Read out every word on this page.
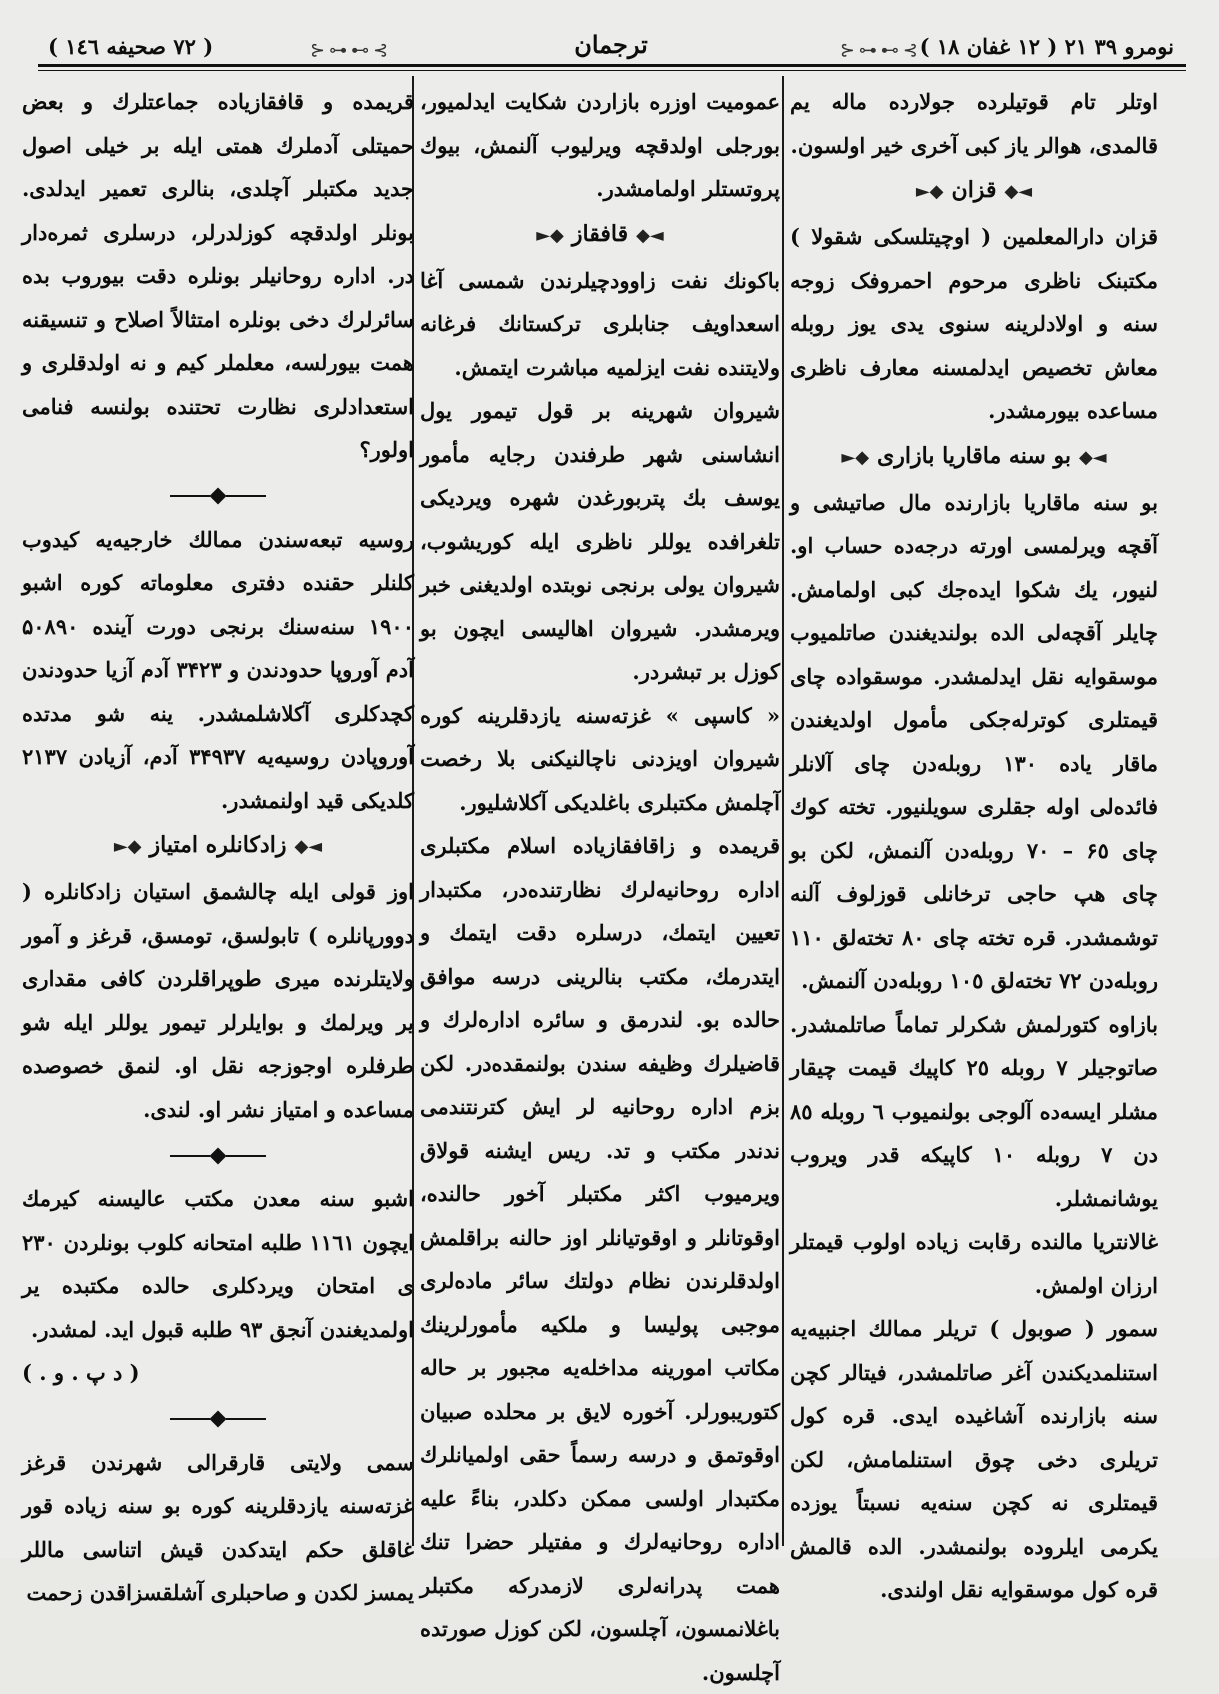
نومرو ۳۹ ٢١ ( ١٢ غفان ١٨ )
⊱⊶⊷⊰
ترجمان
⊱⊶⊷⊰
( ٧٢ صحیفه ١٤٦ )

اوتلر تام قوتیلرده جولارده ماله یم قالمدی، هوالر یاز کبی آخری خیر اولسون.

◄◆قزان◆►

قزان دارالمعلمین ( اوچیتلسکی شقولا ) مکتبنک ناظری مرحوم احمروفک زوجه سنه و اولادلرینه سنوی یدی یوز روبله معاش تخصیص ایدلمسنه معارف ناظری مساعده بیورمشدر.

◄◆بو سنه ماقاریا بازاری◆►

بو سنه ماقاریا بازارنده مال صاتیشی و آقچه ویرلمسی اورته درجه‌ده حساب او. لنیور، یك شکوا ایده‌جك کبی اولمامش. چایلر آقچه‌لی الده بولندیغندن صاتلمیوب موسقوایه نقل ایدلمشدر. موسقواده چای قیمتلری کوترله‌جکی مأمول اولدیغندن ماقار یاده ۱۳۰ روبله‌دن چای آلانلر فائده‌لی اوله جقلری سویلنیور. تخته کوك چای ۶٥ – ۷۰ روبله‌دن آلنمش، لکن بو چای هپ حاجی ترخانلی قوزلوف آلنه توشمشدر. قره تخته چای ۸۰ تخته‌لق ۱۱۰ روبله‌دن ۷۲ تخته‌لق ۱۰٥ روبله‌دن آلنمش.

بازاوه کتورلمش شکرلر تماماً صاتلمشدر. صاتوجیلر ۷ روبله ۲٥ کاپیك قیمت چیقار مشلر ایسه‌ده آلوجی بولنمیوب ٦ روبله ۸٥ دن ۷ روبله ۱۰ کاپیکه قدر ویروب یوشانمشلر.

غالانتریا مالنده رقابت زیاده اولوب قیمتلر ارزان اولمش.

سمور ( صوبول ) تریلر ممالك اجنبیه‌یه استنلمدیکندن آغر صاتلمشدر، فیتالر کچن سنه بازارنده آشاغیده ایدی. قره کول تریلری دخی چوق استنلمامش، لکن قیمتلری نه کچن سنه‌یه نسبتاً یوزده یکرمی ایلروده بولنمشدر. الده قالمش قره کول موسقوایه نقل اولندی.

عمومیت اوزره بازاردن شکایت ایدلمیور، بورجلی اولدقچه ویرلیوب آلنمش، بیوك پروتستلر اولمامشدر.

◄◆قافقاز◆►

باکونك نفت زاوودچیلرندن شمسی آغا اسعداویف جنابلری ترکستانك فرغانه ولایتنده نفت ایزلمیه مباشرت ایتمش.

شیروان شهرینه بر قول تیمور یول انشاسنی شهر طرفندن رجایه مأمور یوسف بك پتربورغدن شهره ویردیکی تلغرافده یوللر ناظری ایله کوریشوب، شیروان یولی برنجی نوبتده اولدیغنی خبر ویرمشدر. شیروان اهالیسی ایچون بو کوزل بر تبشردر.

« کاسپی » غزته‌سنه یازدقلرینه کوره شیروان اویزدنی ناچالنیکنی بلا رخصت آچلمش مکتبلری باغلدیکی آکلاشلیور.

قریمده و زاقافقازیاده اسلام مکتبلری اداره روحانیه‌لرك نظارتنده‌در، مکتبدار تعیین ایتمك، درسلره دقت ایتمك و ایتدرمك، مکتب بنالرینی درسه موافق حالده بو. لندرمق و سائره اداره‌لرك و قاضیلرك وظیفه سندن بولنمقده‌در. لکن بزم اداره روحانیه لر ایش کترنتندمی ندندر مکتب و تد. ریس ایشنه قولاق ویرمیوب اکثر مکتبلر آخور حالنده، اوقوتانلر و اوقوتیانلر اوز حالنه براقلمش اولدقلرندن نظام دولتك سائر ماده‌لری موجبی پولیسا و ملکیه مأمورلرینك مکاتب امورینه مداخله‌یه مجبور بر حاله کتوریبورلر. آخوره لایق بر محلده صبیان اوقوتمق و درسه رسماً حقی اولمیانلرك مکتبدار اولسی ممکن دکلدر، بناءً علیه اداره روحانیه‌لرك و مفتیلر حضرا تنك همت پدرانه‌لری لازمدرکه مکتبلر باغلانمسون، آچلسون، لکن کوزل صورتده آچلسون.

قریمده و قافقازیاده جماعتلرك و بعض حمیتلی آدملرك همتی ایله بر خیلی اصول جدید مکتبلر آچلدی، بنالری تعمیر ایدلدی. بونلر اولدقچه کوزلدرلر، درسلری ثمره‌دار در. اداره روحانیلر بونلره دقت بیوروب بده سائرلرك دخی بونلره امتثالاً اصلاح و تنسیقنه همت بیورلسه، معلملر کیم و نه اولدقلری و استعدادلری نظارت تحتنده بولنسه فنامی اولور؟

روسیه تبعه‌سندن ممالك خارجیه‌یه کیدوب کلنلر حقنده دفتری معلوماته کوره اشبو ۱۹۰۰ سنه‌سنك برنجی دورت آینده ۵۰۸۹۰ آدم آوروپا حدودندن و ۳۴۲۳ آدم آزیا حدودندن کچدکلری آکلاشلمشدر. ینه شو مدتده آوروپادن روسیه‌یه ۳۴۹۳۷ آدم، آزیادن ۲۱۳۷ کلدیکی قید اولنمشدر.

◄◆زادکانلره امتیاز◆►

اوز قولی ایله چالشمق استیان زادکانلره ( دوورپانلره ) تابولسق، تومسق، قرغز و آمور ولایتلرنده میری طوپراقلردن کافی مقداری یر ویرلمك و بوایلرلر تیمور یوللر ایله شو طرفلره اوجوزجه نقل او. لنمق خصوصده مساعده و امتیاز نشر او. لندی.

اشبو سنه معدن مکتب عالیسنه کیرمك ایچون ۱۱٦۱ طلبه امتحانه کلوب بونلردن ۲۳۰ ی امتحان ویردکلری حالده مکتبده یر اولمدیغندن آنجق ۹۳ طلبه قبول اید. لمشدر.

( د پ . و . )

سمی ولایتی قارقرالی شهرندن قرغز غزته‌سنه یازدقلرینه کوره بو سنه زیاده قور غاقلق حکم ایتدکدن قیش اتناسی ماللر یمسز لکدن و صاحبلری آشلقسزاقدن زحمت
